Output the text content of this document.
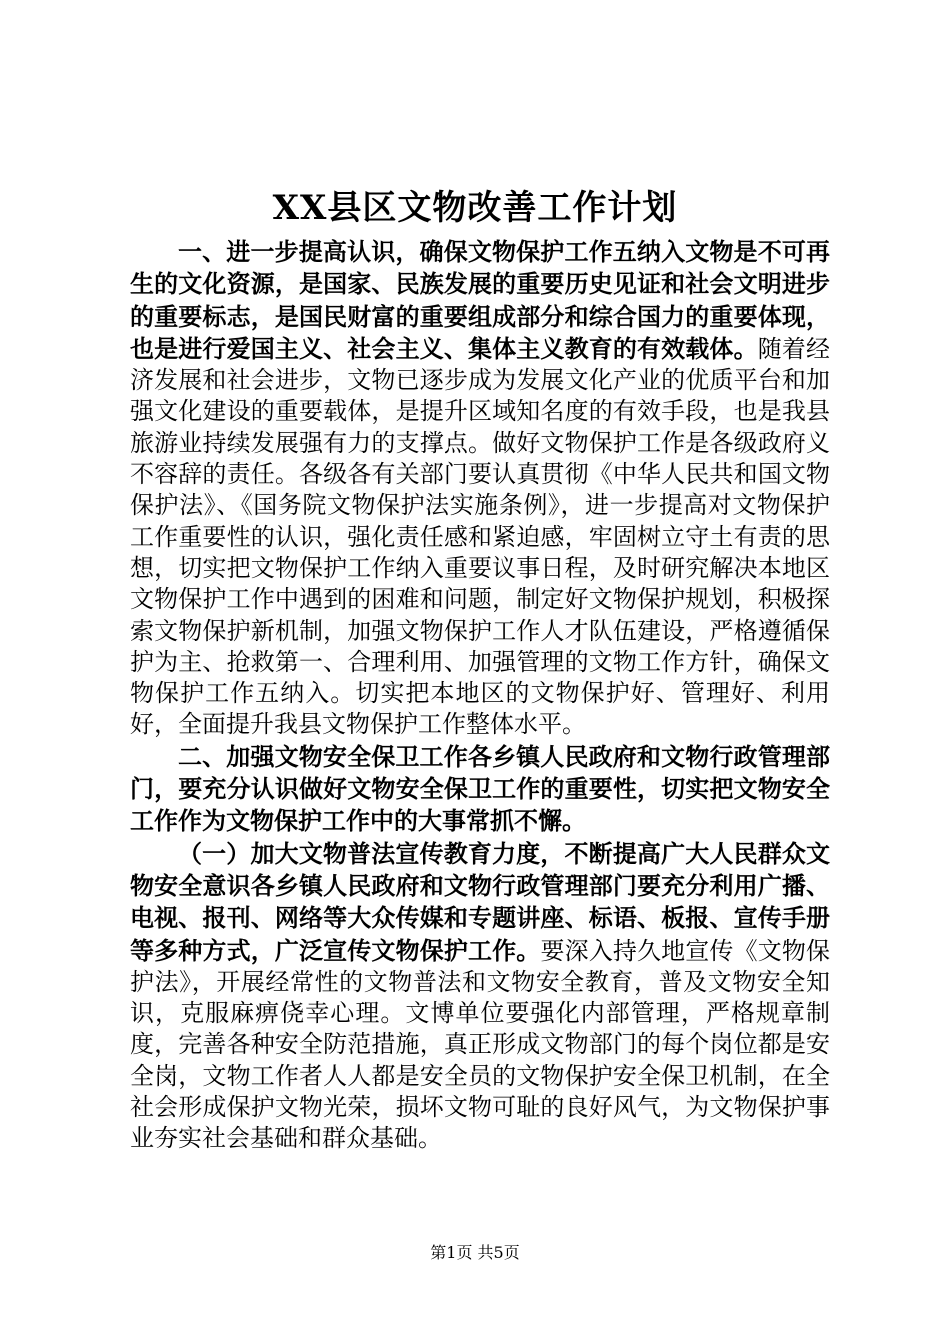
XX县区文物改善工作计划

一、进一步提高认识，确保文物保护工作五纳入文物是不可再生的文化资源，是国家、民族发展的重要历史见证和社会文明进步的重要标志，是国民财富的重要组成部分和综合国力的重要体现，也是进行爱国主义、社会主义、集体主义教育的有效载体。随着经济发展和社会进步，文物已逐步成为发展文化产业的优质平台和加强文化建设的重要载体，是提升区域知名度的有效手段，也是我县旅游业持续发展强有力的支撑点。做好文物保护工作是各级政府义不容辞的责任。各级各有关部门要认真贯彻《中华人民共和国文物保护法》、《国务院文物保护法实施条例》，进一步提高对文物保护工作重要性的认识，强化责任感和紧迫感，牢固树立守土有责的思想，切实把文物保护工作纳入重要议事日程，及时研究解决本地区文物保护工作中遇到的困难和问题，制定好文物保护规划，积极探索文物保护新机制，加强文物保护工作人才队伍建设，严格遵循保护为主、抢救第一、合理利用、加强管理的文物工作方针，确保文物保护工作五纳入。切实把本地区的文物保护好、管理好、利用好，全面提升我县文物保护工作整体水平。

二、加强文物安全保卫工作各乡镇人民政府和文物行政管理部门，要充分认识做好文物安全保卫工作的重要性，切实把文物安全工作作为文物保护工作中的大事常抓不懈。

（一）加大文物普法宣传教育力度，不断提高广大人民群众文物安全意识各乡镇人民政府和文物行政管理部门要充分利用广播、电视、报刊、网络等大众传媒和专题讲座、标语、板报、宣传手册等多种方式，广泛宣传文物保护工作。要深入持久地宣传《文物保护法》，开展经常性的文物普法和文物安全教育，普及文物安全知识，克服麻痹侥幸心理。文博单位要强化内部管理，严格规章制度，完善各种安全防范措施，真正形成文物部门的每个岗位都是安全岗，文物工作者人人都是安全员的文物保护安全保卫机制，在全社会形成保护文物光荣，损坏文物可耻的良好风气，为文物保护事业夯实社会基础和群众基础。

第1页 共5页
